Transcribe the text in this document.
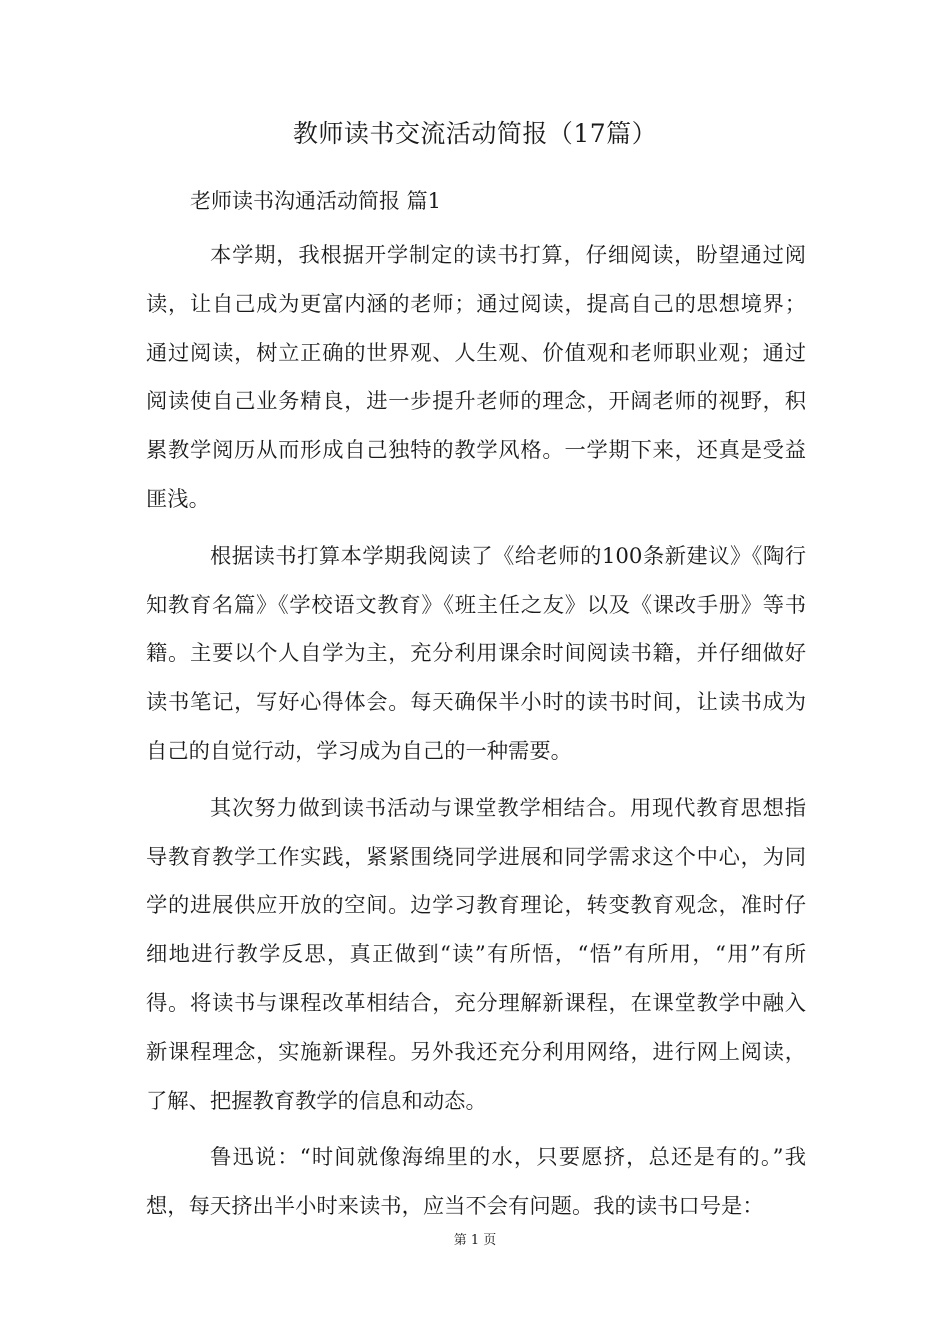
教师读书交流活动简报（17篇）
老师读书沟通活动简报 篇1

本学期，我根据开学制定的读书打算，仔细阅读，盼望通过阅读，让自己成为更富内涵的老师；通过阅读，提高自己的思想境界；通过阅读，树立正确的世界观、人生观、价值观和老师职业观；通过阅读使自己业务精良，进一步提升老师的理念，开阔老师的视野，积累教学阅历从而形成自己独特的教学风格。一学期下来，还真是受益匪浅。

根据读书打算本学期我阅读了《给老师的100条新建议》《陶行知教育名篇》《学校语文教育》《班主任之友》以及《课改手册》等书籍。主要以个人自学为主，充分利用课余时间阅读书籍，并仔细做好读书笔记，写好心得体会。每天确保半小时的读书时间，让读书成为自己的自觉行动，学习成为自己的一种需要。

其次努力做到读书活动与课堂教学相结合。用现代教育思想指导教育教学工作实践，紧紧围绕同学进展和同学需求这个中心，为同学的进展供应开放的空间。边学习教育理论，转变教育观念，准时仔细地进行教学反思，真正做到“读”有所悟，“悟”有所用，“用”有所得。将读书与课程改革相结合，充分理解新课程，在课堂教学中融入新课程理念，实施新课程。另外我还充分利用网络，进行网上阅读，了解、把握教育教学的信息和动态。

鲁迅说：“时间就像海绵里的水，只要愿挤，总还是有的。”我想，每天挤出半小时来读书，应当不会有问题。我的读书口号是：

第 1 页
